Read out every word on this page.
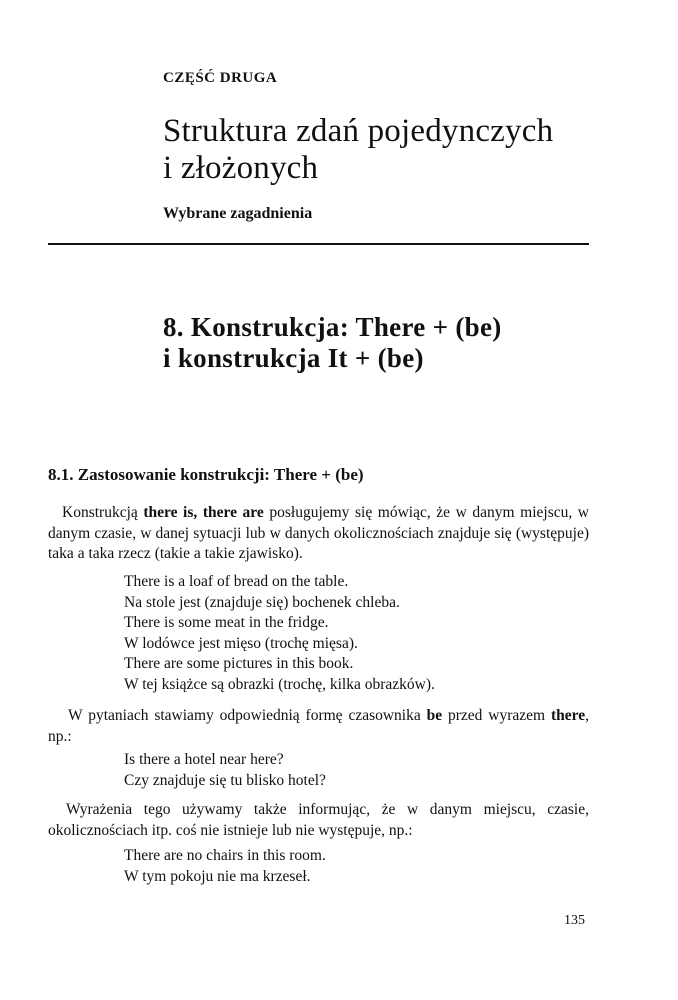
CZĘŚĆ DRUGA
Struktura zdań pojedynczych
i złożonych
Wybrane zagadnienia
8. Konstrukcja: There + (be)
i konstrukcja It + (be)
8.1. Zastosowanie konstrukcji: There + (be)
Konstrukcją there is, there are posługujemy się mówiąc, że w danym miejscu, w danym czasie, w danej sytuacji lub w danych okolicznościach znajduje się (występuje) taka a taka rzecz (takie a takie zjawisko).
There is a loaf of bread on the table.
Na stole jest (znajduje się) bochenek chleba.
There is some meat in the fridge.
W lodówce jest mięso (trochę mięsa).
There are some pictures in this book.
W tej książce są obrazki (trochę, kilka obrazków).
W pytaniach stawiamy odpowiednią formę czasownika be przed wyrazem there, np.:
Is there a hotel near here?
Czy znajduje się tu blisko hotel?
Wyrażenia tego używamy także informując, że w danym miejscu, czasie, okolicznościach itp. coś nie istnieje lub nie występuje, np.:
There are no chairs in this room.
W tym pokoju nie ma krzeseł.
135
